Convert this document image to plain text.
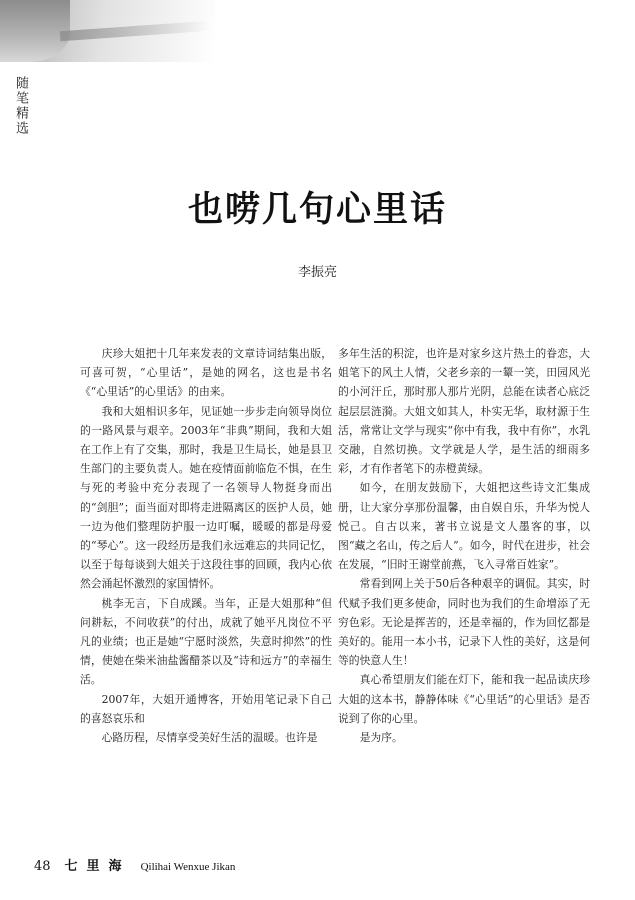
随笔精选
也唠几句心里话
李振亮

庆珍大姐把十几年来发表的文章诗词结集出版，可喜可贺，“心里话”，是她的网名，这也是书名《“心里话”的心里话》的由来。

我和大姐相识多年，见证她一步步走向领导岗位的一路风景与艰辛。2003年“非典”期间，我和大姐在工作上有了交集，那时，我是卫生局长，她是县卫生部门的主要负责人。她在疫情面前临危不惧，在生与死的考验中充分表现了一名领导人物挺身而出的“剑胆”；面当面对即将走进隔离区的医护人员，她一边为他们整理防护服一边叮嘱，暖暖的都是母爱的“琴心”。这一段经历是我们永远难忘的共同记忆，以至于每每谈到大姐关于这段往事的回顾，我内心依然会涌起怀激烈的家国情怀。

桃李无言，下自成蹊。当年，正是大姐那种“但问耕耘，不问收获”的付出，成就了她平凡岗位不平凡的业绩；也正是她“宁愿时淡然，失意时抑然”的性情，使她在柴米油盐酱醋茶以及“诗和远方”的幸福生活。

2007年，大姐开通博客，开始用笔记录下自己的喜怒哀乐和

心路历程，尽情享受美好生活的温暖。也许是

多年生活的积淀，也许是对家乡这片热土的眷恋，大姐笔下的风土人情，父老乡亲的一颦一笑，田园风光的小河汗丘，那时那人那片光阴，总能在读者心底泛起层层涟漪。大姐文如其人，朴实无华，取材源于生活，常常让文学与现实“你中有我，我中有你”，水乳交融，自然切换。文学就是人学，是生活的细雨多彩，才有作者笔下的赤橙黄绿。

如今，在朋友鼓励下，大姐把这些诗文汇集成册，让大家分享那份温馨，由自娱自乐，升华为悦人悦己。自古以来，著书立说是文人墨客的事，以图“藏之名山，传之后人”。如今，时代在进步，社会在发展，“旧时王谢堂前燕，飞入寻常百姓家”。

常看到网上关于50后各种艰辛的调侃。其实，时代赋予我们更多使命，同时也为我们的生命增添了无穷色彩。无论是挥苦的，还是幸福的，作为回忆都是美好的。能用一本小书，记录下人性的美好，这是何等的快意人生！

真心希望朋友们能在灯下，能和我一起品读庆珍大姐的这本书，静静体味《“心里话”的心里话》是否说到了你的心里。

是为序。

48 七里海 Qilihai Wenxue Jikan
